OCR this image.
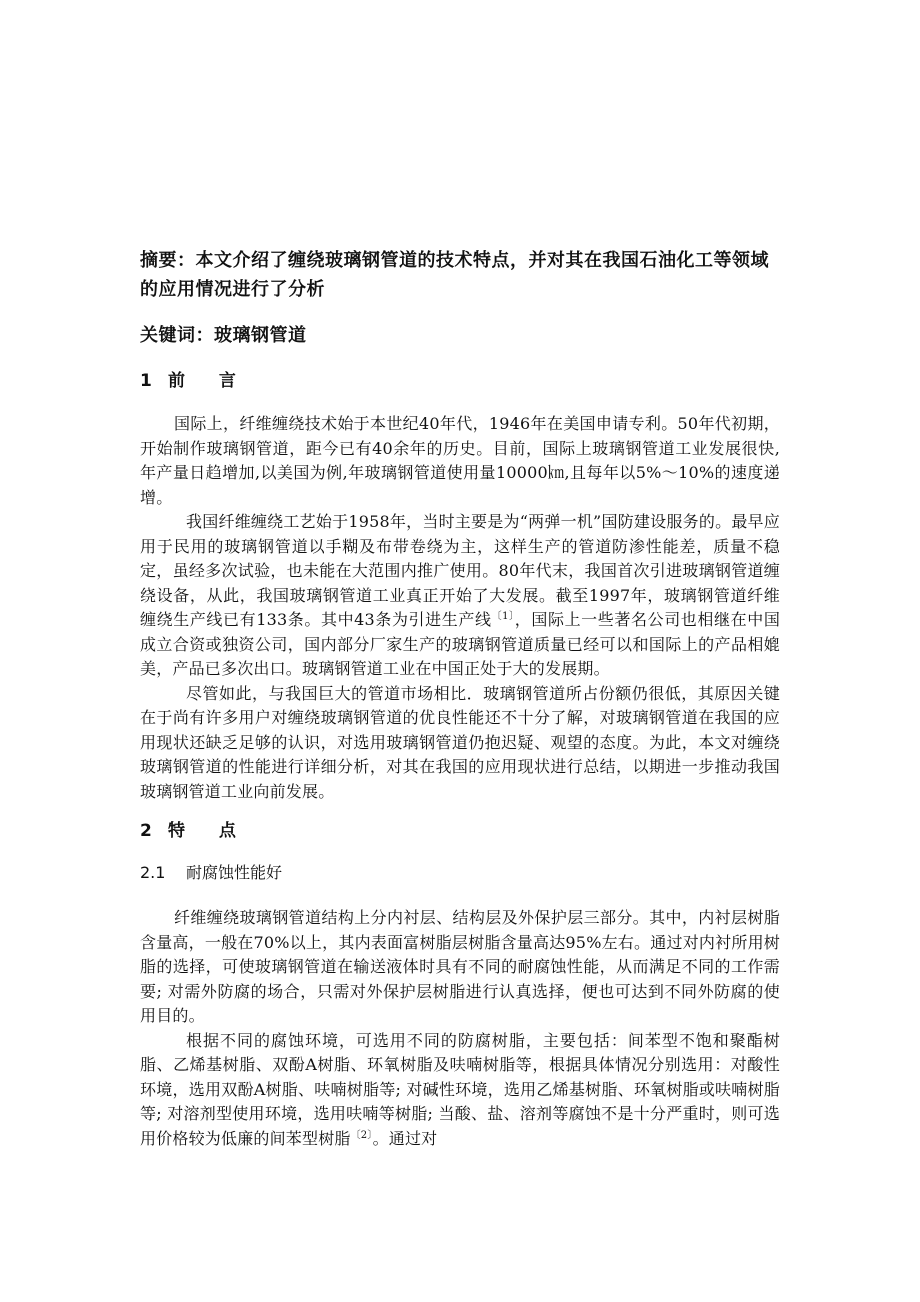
摘要：本文介绍了缠绕玻璃钢管道的技术特点，并对其在我国石油化工等领域的应用情况进行了分析

关键词：玻璃钢管道

1 前 言

国际上，纤维缠绕技术始于本世纪40年代，1946年在美国申请专利。50年代初期，开始制作玻璃钢管道，距今已有40余年的历史。目前，国际上玻璃钢管道工业发展很快,年产量日趋增加,以美国为例,年玻璃钢管道使用量10000㎞,且每年以5%～10%的速度递增。

我国纤维缠绕工艺始于1958年，当时主要是为“两弹一机”国防建设服务的。最早应用于民用的玻璃钢管道以手糊及布带卷绕为主，这样生产的管道防渗性能差，质量不稳定，虽经多次试验，也未能在大范围内推广使用。80年代末，我国首次引进玻璃钢管道缠绕设备，从此，我国玻璃钢管道工业真正开始了大发展。截至1997年，玻璃钢管道纤维缠绕生产线已有133条。其中43条为引进生产线$^{〔1〕}$，国际上一些著名公司也相继在中国成立合资或独资公司，国内部分厂家生产的玻璃钢管道质量已经可以和国际上的产品相媲美，产品已多次出口。玻璃钢管道工业在中国正处于大的发展期。

尽管如此，与我国巨大的管道市场相比．玻璃钢管道所占份额仍很低，其原因关键在于尚有许多用户对缠绕玻璃钢管道的优良性能还不十分了解，对玻璃钢管道在我国的应用现状还缺乏足够的认识，对选用玻璃钢管道仍抱迟疑、观望的态度。为此，本文对缠绕玻璃钢管道的性能进行详细分析，对其在我国的应用现状进行总结，以期进一步推动我国玻璃钢管道工业向前发展。

2 特 点
2.1 耐腐蚀性能好

纤维缠绕玻璃钢管道结构上分内衬层、结构层及外保护层三部分。其中，内衬层树脂含量高，一般在70%以上，其内表面富树脂层树脂含量高达95%左右。通过对内衬所用树脂的选择，可使玻璃钢管道在输送液体时具有不同的耐腐蚀性能，从而满足不同的工作需要; 对需外防腐的场合，只需对外保护层树脂进行认真选择，便也可达到不同外防腐的使用目的。

根据不同的腐蚀环境，可选用不同的防腐树脂，主要包括：间苯型不饱和聚酯树脂、乙烯基树脂、双酚A树脂、环氧树脂及呋喃树脂等，根据具体情况分别选用：对酸性环境，选用双酚A树脂、呋喃树脂等; 对碱性环境，选用乙烯基树脂、环氧树脂或呋喃树脂等; 对溶剂型使用环境，选用呋喃等树脂; 当酸、盐、溶剂等腐蚀不是十分严重时，则可选用价格较为低廉的间苯型树脂$^{〔2〕}$。通过对
